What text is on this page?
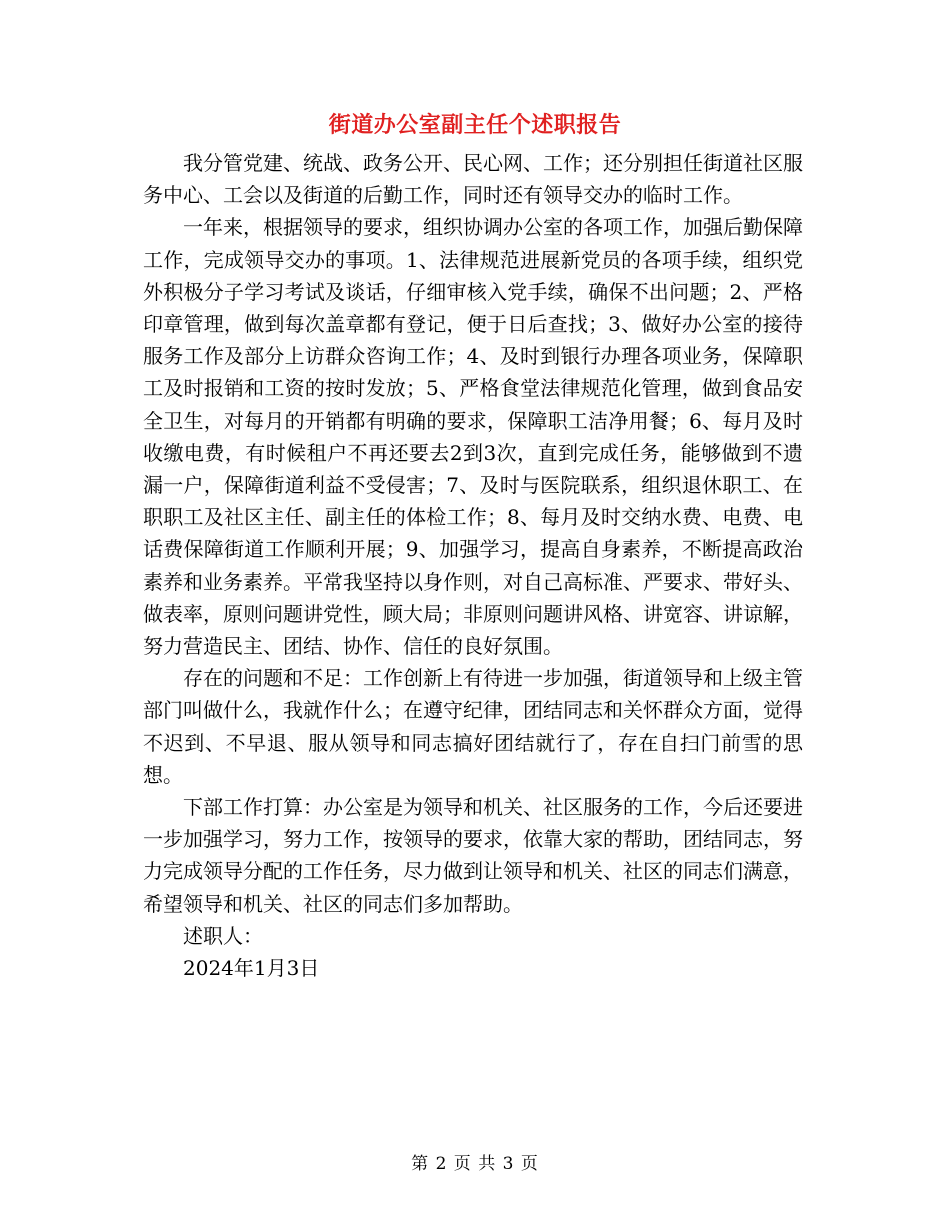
街道办公室副主任个述职报告

我分管党建、统战、政务公开、民心网、工作；还分别担任街道社区服务中心、工会以及街道的后勤工作，同时还有领导交办的临时工作。

一年来，根据领导的要求，组织协调办公室的各项工作，加强后勤保障工作，完成领导交办的事项。1、法律规范进展新党员的各项手续，组织党外积极分子学习考试及谈话，仔细审核入党手续，确保不出问题；2、严格印章管理，做到每次盖章都有登记，便于日后查找；3、做好办公室的接待服务工作及部分上访群众咨询工作；4、及时到银行办理各项业务，保障职工及时报销和工资的按时发放；5、严格食堂法律规范化管理，做到食品安全卫生，对每月的开销都有明确的要求，保障职工洁净用餐；6、每月及时收缴电费，有时候租户不再还要去2到3次，直到完成任务，能够做到不遗漏一户，保障街道利益不受侵害；7、及时与医院联系，组织退休职工、在职职工及社区主任、副主任的体检工作；8、每月及时交纳水费、电费、电话费保障街道工作顺利开展；9、加强学习，提高自身素养，不断提高政治素养和业务素养。平常我坚持以身作则，对自己高标准、严要求、带好头、做表率，原则问题讲党性，顾大局；非原则问题讲风格、讲宽容、讲谅解，努力营造民主、团结、协作、信任的良好氛围。

存在的问题和不足：工作创新上有待进一步加强，街道领导和上级主管部门叫做什么，我就作什么；在遵守纪律，团结同志和关怀群众方面，觉得不迟到、不早退、服从领导和同志搞好团结就行了，存在自扫门前雪的思想。

下部工作打算：办公室是为领导和机关、社区服务的工作，今后还要进一步加强学习，努力工作，按领导的要求，依靠大家的帮助，团结同志，努力完成领导分配的工作任务，尽力做到让领导和机关、社区的同志们满意，希望领导和机关、社区的同志们多加帮助。

述职人：

2024年1月3日

第 2 页 共 3 页
